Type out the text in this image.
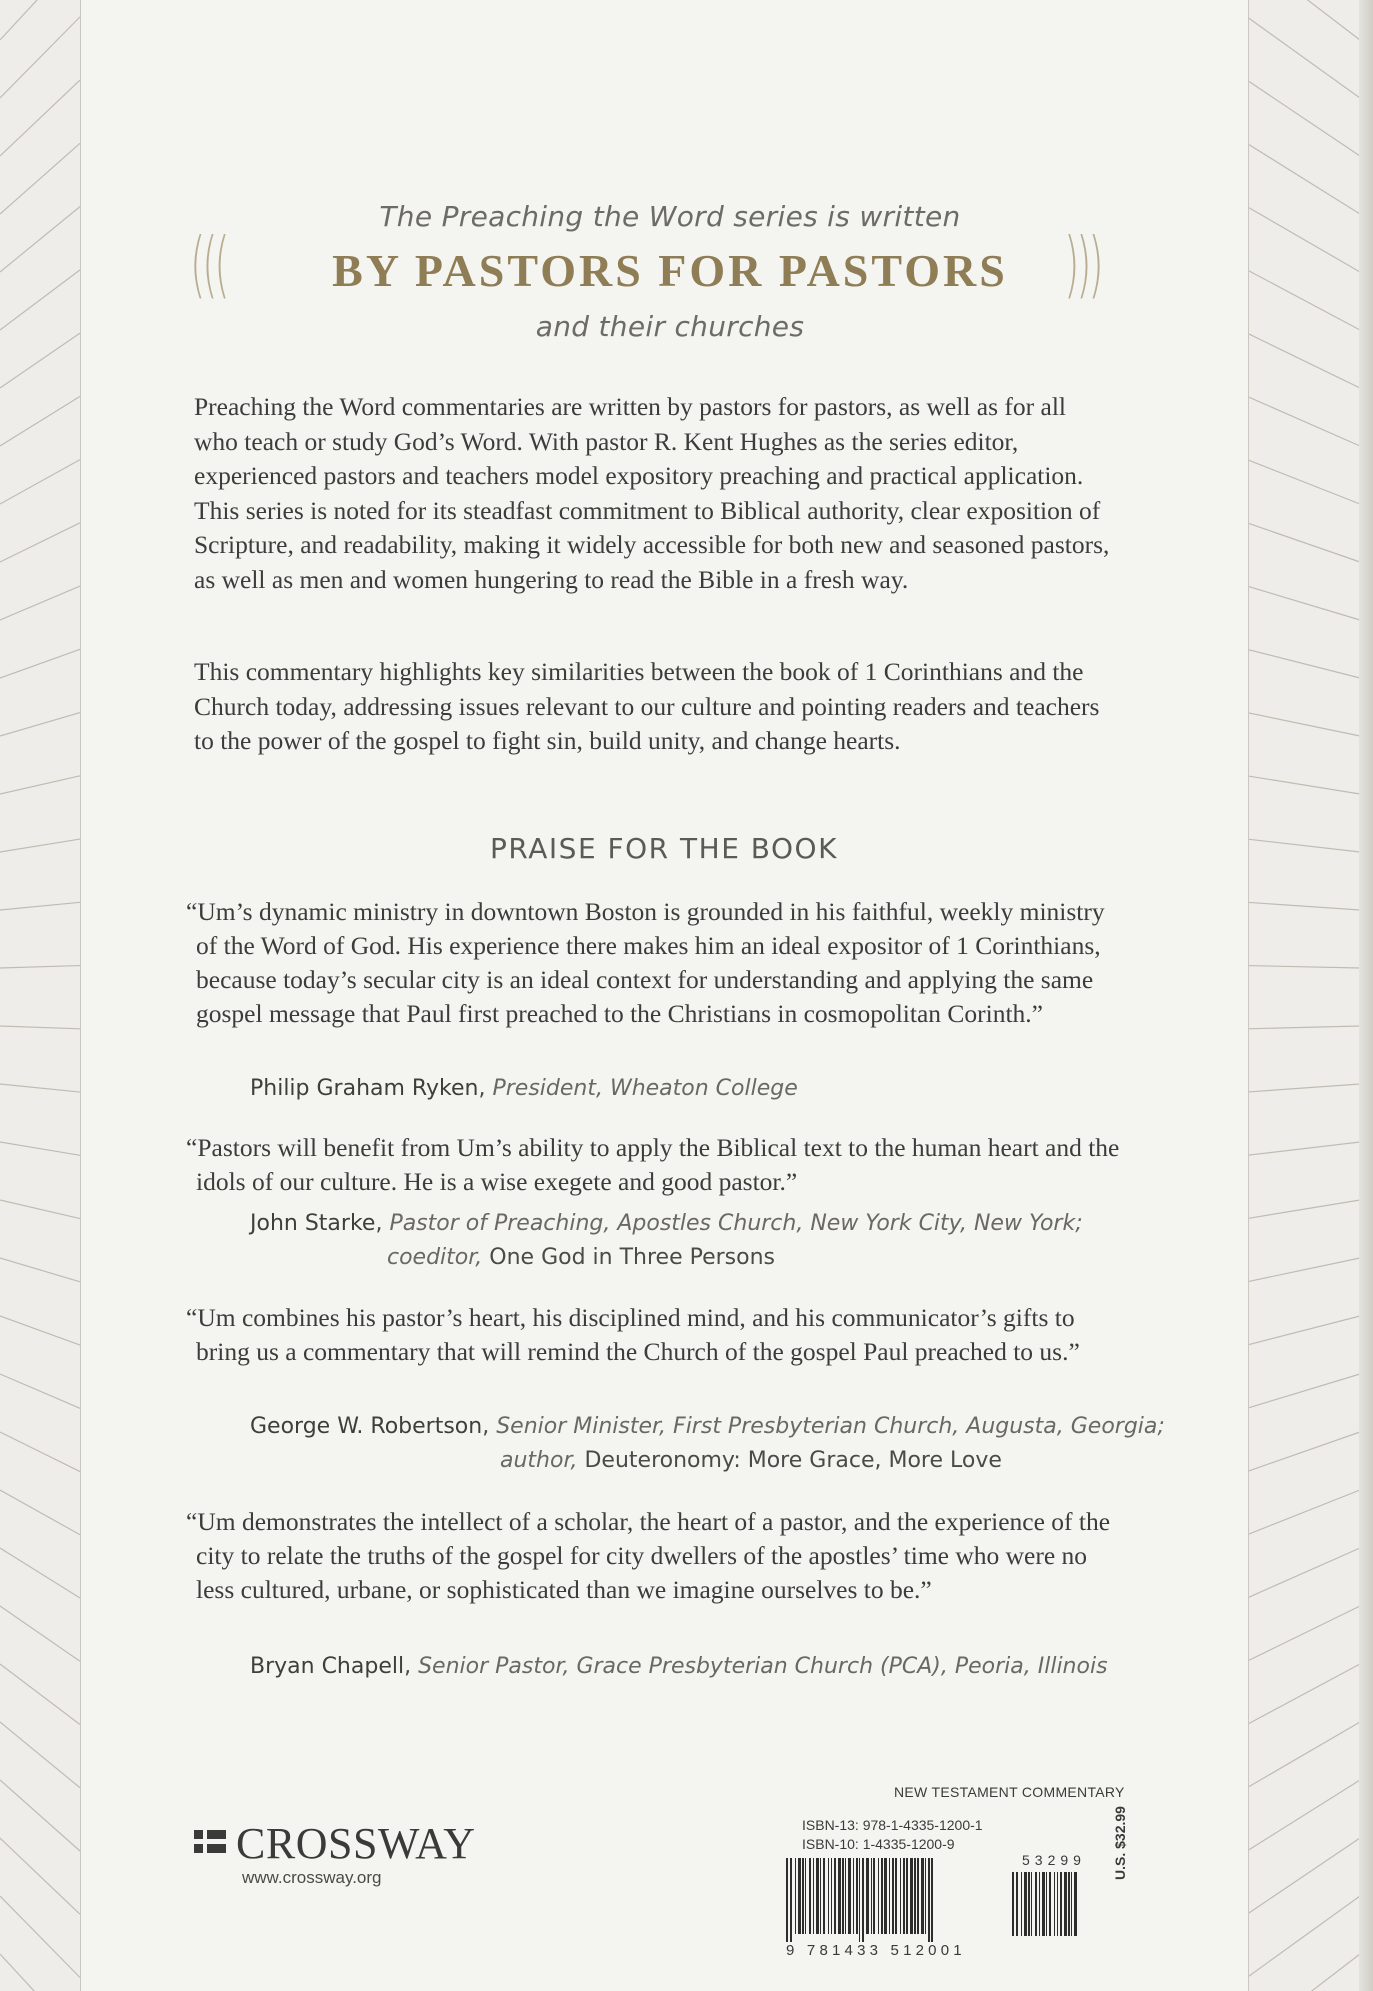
(((	)))
The Preaching the Word series is written
BY PASTORS FOR PASTORS
and their churches
Preaching the Word commentaries are written by pastors for pastors, as well as for all who teach or study God’s Word. With pastor R. Kent Hughes as the series editor, experienced pastors and teachers model expository preaching and practical application. This series is noted for its steadfast commitment to Biblical authority, clear exposition of Scripture, and readability, making it widely accessible for both new and seasoned pastors, as well as men and women hungering to read the Bible in a fresh way.
This commentary highlights key similarities between the book of 1 Corinthians and the Church today, addressing issues relevant to our culture and pointing readers and teachers to the power of the gospel to fight sin, build unity, and change hearts.
PRAISE FOR THE BOOK
“Um’s dynamic ministry in downtown Boston is grounded in his faithful, weekly ministry of the Word of God. His experience there makes him an ideal expositor of 1 Corinthians, because today’s secular city is an ideal context for understanding and applying the same gospel message that Paul first preached to the Christians in cosmopolitan Corinth.”
Philip Graham Ryken, President, Wheaton College
“Pastors will benefit from Um’s ability to apply the Biblical text to the human heart and the idols of our culture. He is a wise exegete and good pastor.”
John Starke, Pastor of Preaching, Apostles Church, New York City, New York;
coeditor, One God in Three Persons
“Um combines his pastor’s heart, his disciplined mind, and his communicator’s gifts to bring us a commentary that will remind the Church of the gospel Paul preached to us.”
George W. Robertson, Senior Minister, First Presbyterian Church, Augusta, Georgia;
author, Deuteronomy: More Grace, More Love
“Um demonstrates the intellect of a scholar, the heart of a pastor, and the experience of the city to relate the truths of the gospel for city dwellers of the apostles’ time who were no less cultured, urbane, or sophisticated than we imagine ourselves to be.”
Bryan Chapell, Senior Pastor, Grace Presbyterian Church (PCA), Peoria, Illinois
NEW TESTAMENT COMMENTARY
CROSSWAY
www.crossway.org
ISBN-13: 978-1-4335-1200-1
ISBN-10: 1-4335-1200-9
53299 U.S. $32.99
9 781433 512001
